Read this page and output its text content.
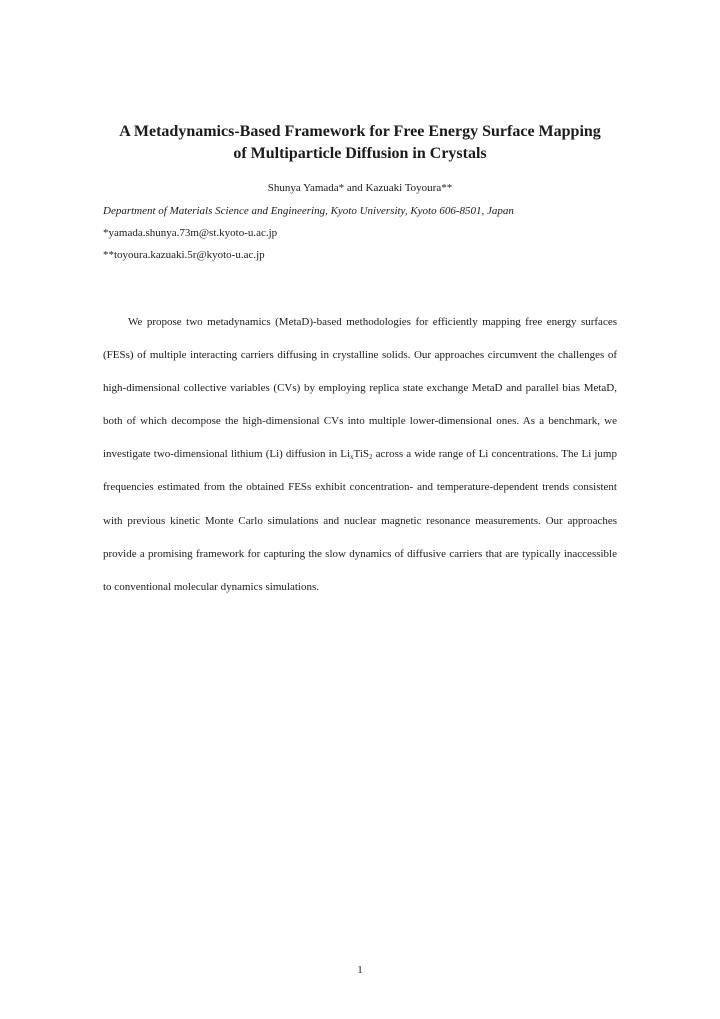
A Metadynamics-Based Framework for Free Energy Surface Mapping
of Multiparticle Diffusion in Crystals
Shunya Yamada* and Kazuaki Toyoura**
Department of Materials Science and Engineering, Kyoto University, Kyoto 606-8501, Japan
*yamada.shunya.73m@st.kyoto-u.ac.jp
**toyoura.kazuaki.5r@kyoto-u.ac.jp

We propose two metadynamics (MetaD)-based methodologies for efficiently mapping free energy surfaces (FESs) of multiple interacting carriers diffusing in crystalline solids. Our approaches circumvent the challenges of high-dimensional collective variables (CVs) by employing replica state exchange MetaD and parallel bias MetaD, both of which decompose the high-dimensional CVs into multiple lower-dimensional ones. As a benchmark, we investigate two-dimensional lithium (Li) diffusion in $Li_xTiS_2$ across a wide range of Li concentrations. The Li jump frequencies estimated from the obtained FESs exhibit concentration- and temperature-dependent trends consistent with previous kinetic Monte Carlo simulations and nuclear magnetic resonance measurements. Our approaches provide a promising framework for capturing the slow dynamics of diffusive carriers that are typically inaccessible to conventional molecular dynamics simulations.

1
